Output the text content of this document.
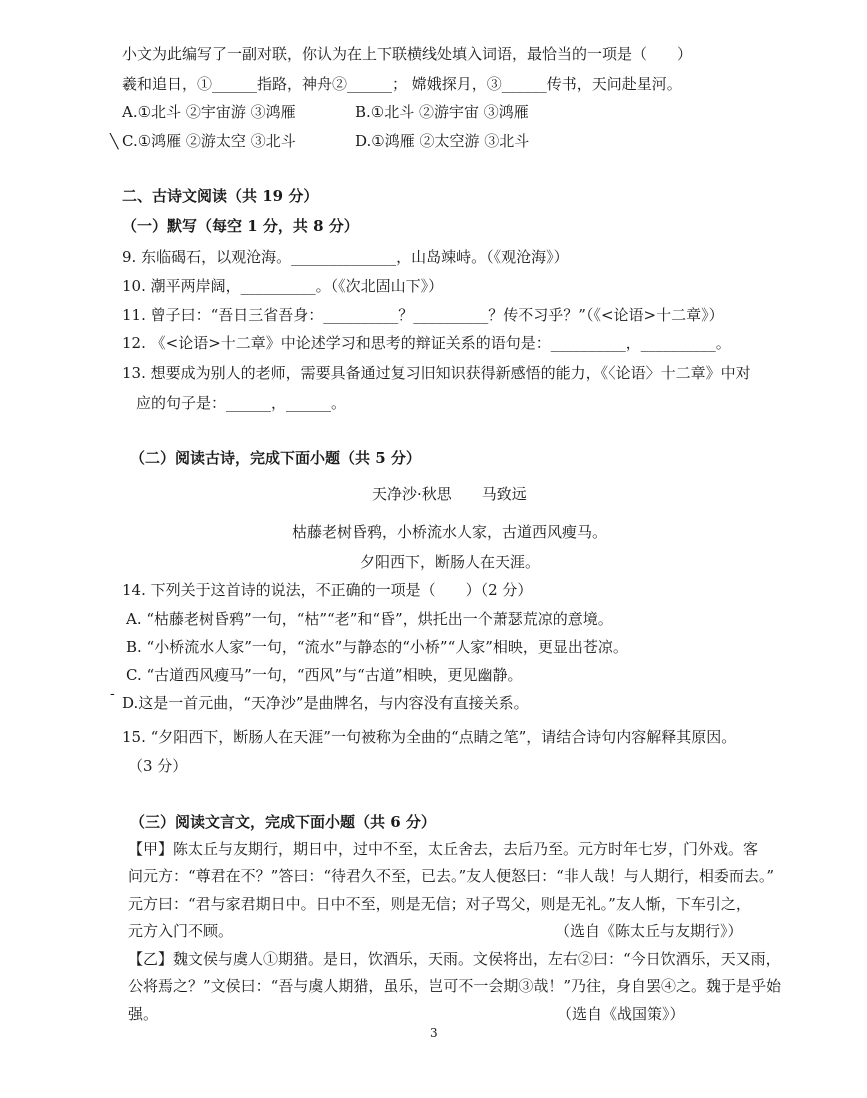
小文为此编写了一副对联，你认为在上下联横线处填入词语，最恰当的一项是（　　）
羲和追日，①______指路，神舟②______； 嫦娥探月，③______传书，天问赴星河。
A.①北斗 ②宇宙游 ③鸿雁	B.①北斗 ②游宇宙 ③鸿雁
╲ C.①鸿雁 ②游太空 ③北斗	D.①鸿雁 ②太空游 ③北斗
二、古诗文阅读（共 19 分）
（一）默写（每空 1 分，共 8 分）
9. 东临碣石，以观沧海。______________，山岛竦峙。（《观沧海》）
10. 潮平两岸阔，__________。（《次北固山下》）
11. 曾子曰：“吾日三省吾身：__________？__________？传不习乎？”（《<论语>十二章》）
12. 《<论语>十二章》中论述学习和思考的辩证关系的语句是：__________，__________。
13. 想要成为别人的老师，需要具备通过复习旧知识获得新感悟的能力，《〈论语〉十二章》中对
应的句子是：______，______。
（二）阅读古诗，完成下面小题（共 5 分）
天净沙·秋思　　马致远
枯藤老树昏鸦，小桥流水人家，古道西风瘦马。
夕阳西下，断肠人在天涯。
14. 下列关于这首诗的说法，不正确的一项是（　　）（2 分）
A. “枯藤老树昏鸦”一句，“枯”“老”和“昏”，烘托出一个萧瑟荒凉的意境。
B. “小桥流水人家”一句，“流水”与静态的“小桥”“人家”相映，更显出苍凉。
C. “古道西风瘦马”一句，“西风”与“古道”相映，更见幽静。
- D.这是一首元曲，“天净沙”是曲牌名，与内容没有直接关系。
15. “夕阳西下，断肠人在天涯”一句被称为全曲的“点睛之笔”，请结合诗句内容解释其原因。
（3 分）
（三）阅读文言文，完成下面小题（共 6 分）
【甲】陈太丘与友期行，期日中，过中不至，太丘舍去，去后乃至。元方时年七岁，门外戏。客
问元方：“尊君在不？”答曰：“待君久不至，已去。”友人便怒曰：“非人哉！与人期行，相委而去。”
元方曰：“君与家君期日中。日中不至，则是无信；对子骂父，则是无礼。”友人惭，下车引之，
元方入门不顾。	（选自《陈太丘与友期行》）
【乙】魏文侯与虞人①期猎。是日，饮酒乐，天雨。文侯将出，左右②曰：“今日饮酒乐，天又雨，
公将焉之？”文侯曰：“吾与虞人期猎，虽乐，岂可不一会期③哉！”乃往，身自罢④之。魏于是乎始
强。	（选自《战国策》）
3
